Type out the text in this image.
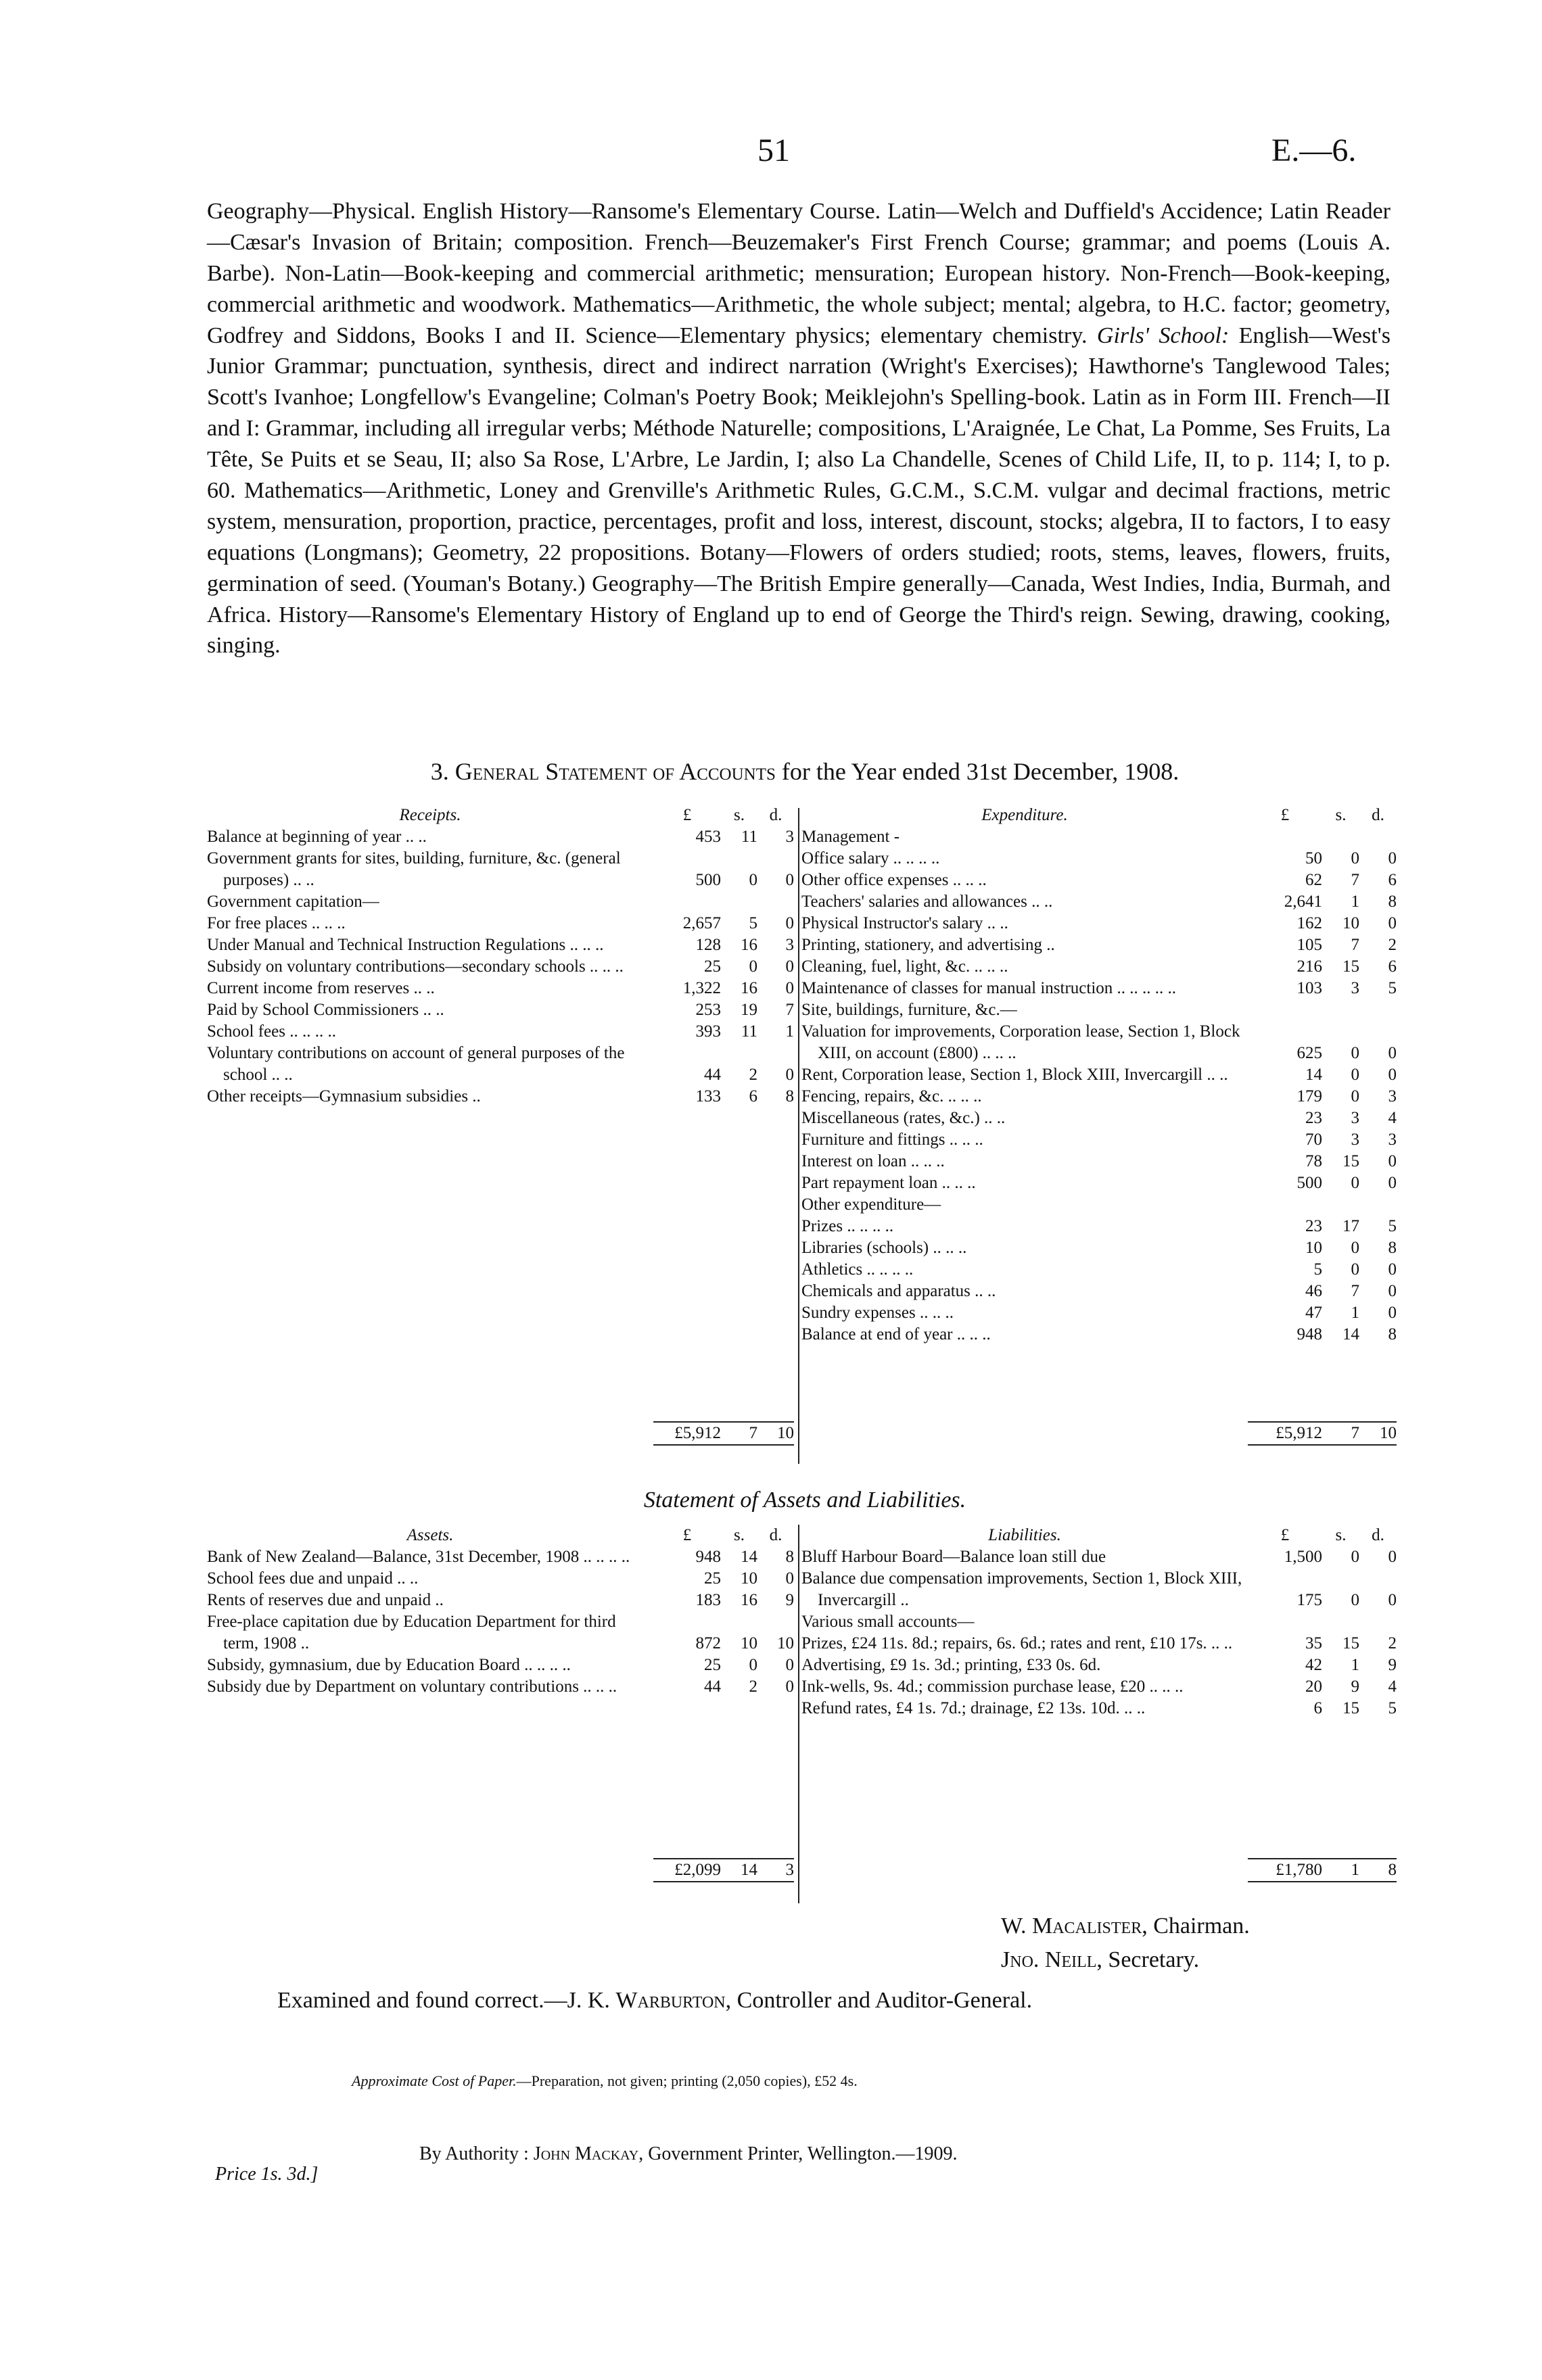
51	E.—6.
Geography—Physical. English History—Ransome's Elementary Course. Latin—Welch and Duffield's Accidence; Latin Reader—Cæsar's Invasion of Britain; composition. French—Beuzemaker's First French Course; grammar; and poems (Louis A. Barbe). Non-Latin—Book-keeping and commercial arithmetic; mensuration; European history. Non-French—Book-keeping, commercial arithmetic and woodwork. Mathematics—Arithmetic, the whole subject; mental; algebra, to H.C. factor; geometry, Godfrey and Siddons, Books I and II. Science—Elementary physics; elementary chemistry. Girls' School: English—West's Junior Grammar; punctuation, synthesis, direct and indirect narration (Wright's Exercises); Hawthorne's Tanglewood Tales; Scott's Ivanhoe; Longfellow's Evangeline; Colman's Poetry Book; Meiklejohn's Spelling-book. Latin as in Form III. French—II and I: Grammar, including all irregular verbs; Méthode Naturelle; compositions, L'Araignée, Le Chat, La Pomme, Ses Fruits, La Tête, Se Puits et se Seau, II; also Sa Rose, L'Arbre, Le Jardin, I; also La Chandelle, Scenes of Child Life, II, to p. 114; I, to p. 60. Mathematics—Arithmetic, Loney and Grenville's Arithmetic Rules, G.C.M., S.C.M. vulgar and decimal fractions, metric system, mensuration, proportion, practice, percentages, profit and loss, interest, discount, stocks; algebra, II to factors, I to easy equations (Longmans); Geometry, 22 propositions. Botany—Flowers of orders studied; roots, stems, leaves, flowers, fruits, germination of seed. (Youman's Botany.) Geography—The British Empire generally—Canada, West Indies, India, Burmah, and Africa. History—Ransome's Elementary History of England up to end of George the Third's reign. Sewing, drawing, cooking, singing.
3. General Statement of Accounts for the Year ended 31st December, 1908.
Receipts.	£	s.	d.
Balance at beginning of year .. ..	453	11	3
Government grants for sites, building, furniture, &c. (general purposes) .. ..	500	0	0
Government capitation—			
For free places .. .. ..	2,657	5	0
Under Manual and Technical Instruction Regulations .. .. ..	128	16	3
Subsidy on voluntary contributions—secondary schools .. .. ..	25	0	0
Current income from reserves .. ..	1,322	16	0
Paid by School Commissioners .. ..	253	19	7
School fees .. .. .. ..	393	11	1
Voluntary contributions on account of general purposes of the school .. ..	44	2	0
Other receipts—Gymnasium subsidies ..	133	6	8
Expenditure.	£	s.	d.
Management -			
Office salary .. .. .. ..	50	0	0
Other office expenses .. .. ..	62	7	6
Teachers' salaries and allowances .. ..	2,641	1	8
Physical Instructor's salary .. ..	162	10	0
Printing, stationery, and advertising ..	105	7	2
Cleaning, fuel, light, &c. .. .. ..	216	15	6
Maintenance of classes for manual instruction .. .. .. .. ..	103	3	5
Site, buildings, furniture, &c.—			
Valuation for improvements, Corporation lease, Section 1, Block XIII, on account (£800) .. .. ..	625	0	0
Rent, Corporation lease, Section 1, Block XIII, Invercargill .. ..	14	0	0
Fencing, repairs, &c. .. .. ..	179	0	3
Miscellaneous (rates, &c.) .. ..	23	3	4
Furniture and fittings .. .. ..	70	3	3
Interest on loan .. .. ..	78	15	0
Part repayment loan .. .. ..	500	0	0
Other expenditure—			
Prizes .. .. .. ..	23	17	5
Libraries (schools) .. .. ..	10	0	8
Athletics .. .. .. ..	5	0	0
Chemicals and apparatus .. ..	46	7	0
Sundry expenses .. .. ..	47	1	0
Balance at end of year .. .. ..	948	14	8
£5,912	7	10	£5,912	7	10
Statement of Assets and Liabilities.
Assets.	£	s.	d.
Bank of New Zealand—Balance, 31st December, 1908 .. .. .. ..	948	14	8
School fees due and unpaid .. ..	25	10	0
Rents of reserves due and unpaid ..	183	16	9
Free-place capitation due by Education Department for third term, 1908 ..	872	10	10
Subsidy, gymnasium, due by Education Board .. .. .. ..	25	0	0
Subsidy due by Department on voluntary contributions .. .. ..	44	2	0
Liabilities.	£	s.	d.
Bluff Harbour Board—Balance loan still due	1,500	0	0
Balance due compensation improvements, Section 1, Block XIII, Invercargill ..	175	0	0
Various small accounts—			
Prizes, £24 11s. 8d.; repairs, 6s. 6d.; rates and rent, £10 17s. .. ..	35	15	2
Advertising, £9 1s. 3d.; printing, £33 0s. 6d.	42	1	9
Ink-wells, 9s. 4d.; commission purchase lease, £20 .. .. ..	20	9	4
Refund rates, £4 1s. 7d.; drainage, £2 13s. 10d. .. ..	6	15	5
£2,099	14	3	£1,780	1	8
W. Macalister, Chairman.
Jno. Neill, Secretary.
Examined and found correct.—J. K. Warburton, Controller and Auditor-General.
Approximate Cost of Paper.—Preparation, not given; printing (2,050 copies), £52 4s.
By Authority : John Mackay, Government Printer, Wellington.—1909.
Price 1s. 3d.]
